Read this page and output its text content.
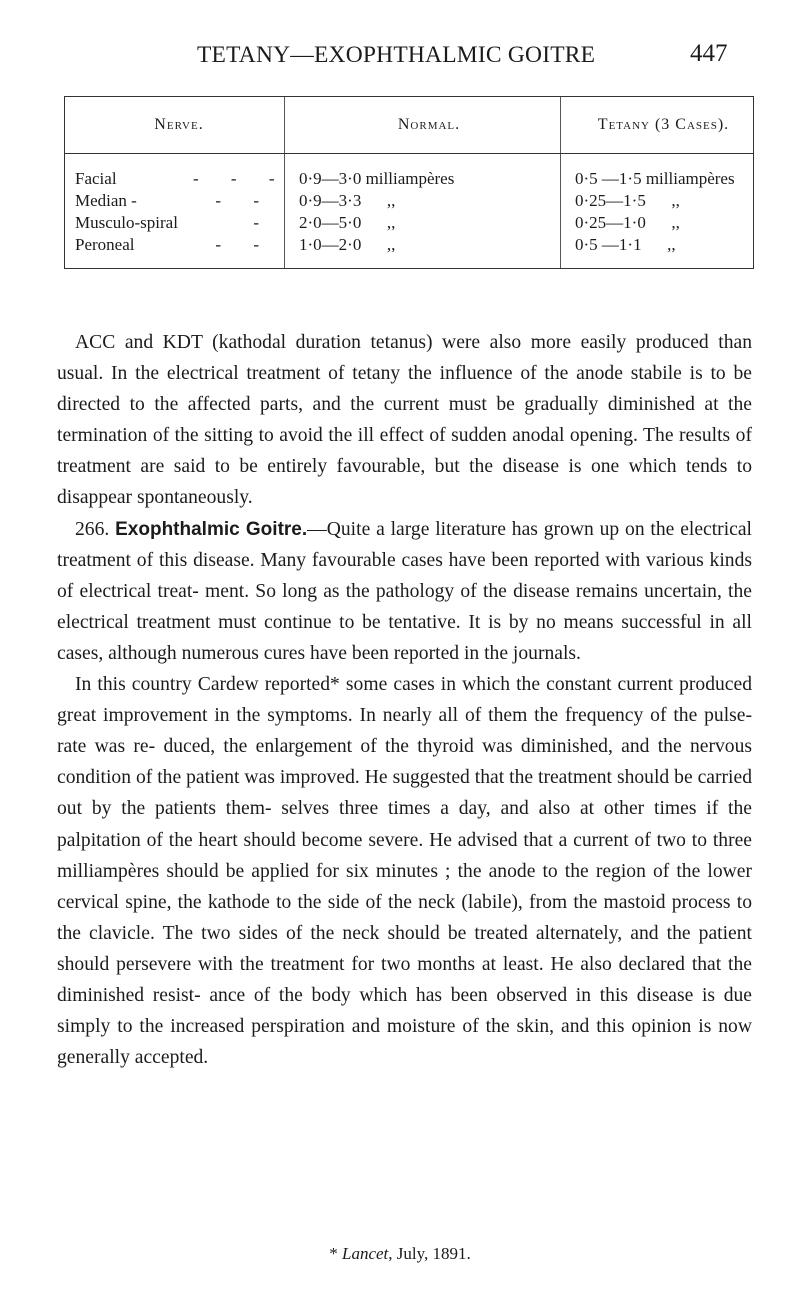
TETANY—EXOPHTHALMIC GOITRE	447
Nerve.	Normal.	Tetany (3 Cases).
Facial - - -	0·9—3·0 milliampères	0·5 —1·5 milliampères
Median - - -	0·9—3·3      ,,	0·25—1·5      ,,
Musculo-spiral -	2·0—5·0      ,,	0·25—1·0      ,,
Peroneal - -	1·0—2·0      ,,	0·5 —1·1      ,,

ACC and KDT (kathodal duration tetanus) were also more easily produced than usual. In the electrical treatment of tetany the influence of the anode stabile is to be directed to the affected parts, and the current must be gradually diminished at the termination of the sitting to avoid the ill effect of sudden anodal opening. The results of treatment are said to be entirely favourable, but the disease is one which tends to disappear spontaneously.

266. Exophthalmic Goitre.—Quite a large literature has grown up on the electrical treatment of this disease. Many favourable cases have been reported with various kinds of electrical treat- ment. So long as the pathology of the disease remains uncertain, the electrical treatment must continue to be tentative. It is by no means successful in all cases, although numerous cures have been reported in the journals.

In this country Cardew reported* some cases in which the constant current produced great improvement in the symptoms. In nearly all of them the frequency of the pulse-rate was re- duced, the enlargement of the thyroid was diminished, and the nervous condition of the patient was improved. He suggested that the treatment should be carried out by the patients them- selves three times a day, and also at other times if the palpitation of the heart should become severe. He advised that a current of two to three milliampères should be applied for six minutes ; the anode to the region of the lower cervical spine, the kathode to the side of the neck (labile), from the mastoid process to the clavicle. The two sides of the neck should be treated alternately, and the patient should persevere with the treatment for two months at least. He also declared that the diminished resist- ance of the body which has been observed in this disease is due simply to the increased perspiration and moisture of the skin, and this opinion is now generally accepted.

* Lancet, July, 1891.
